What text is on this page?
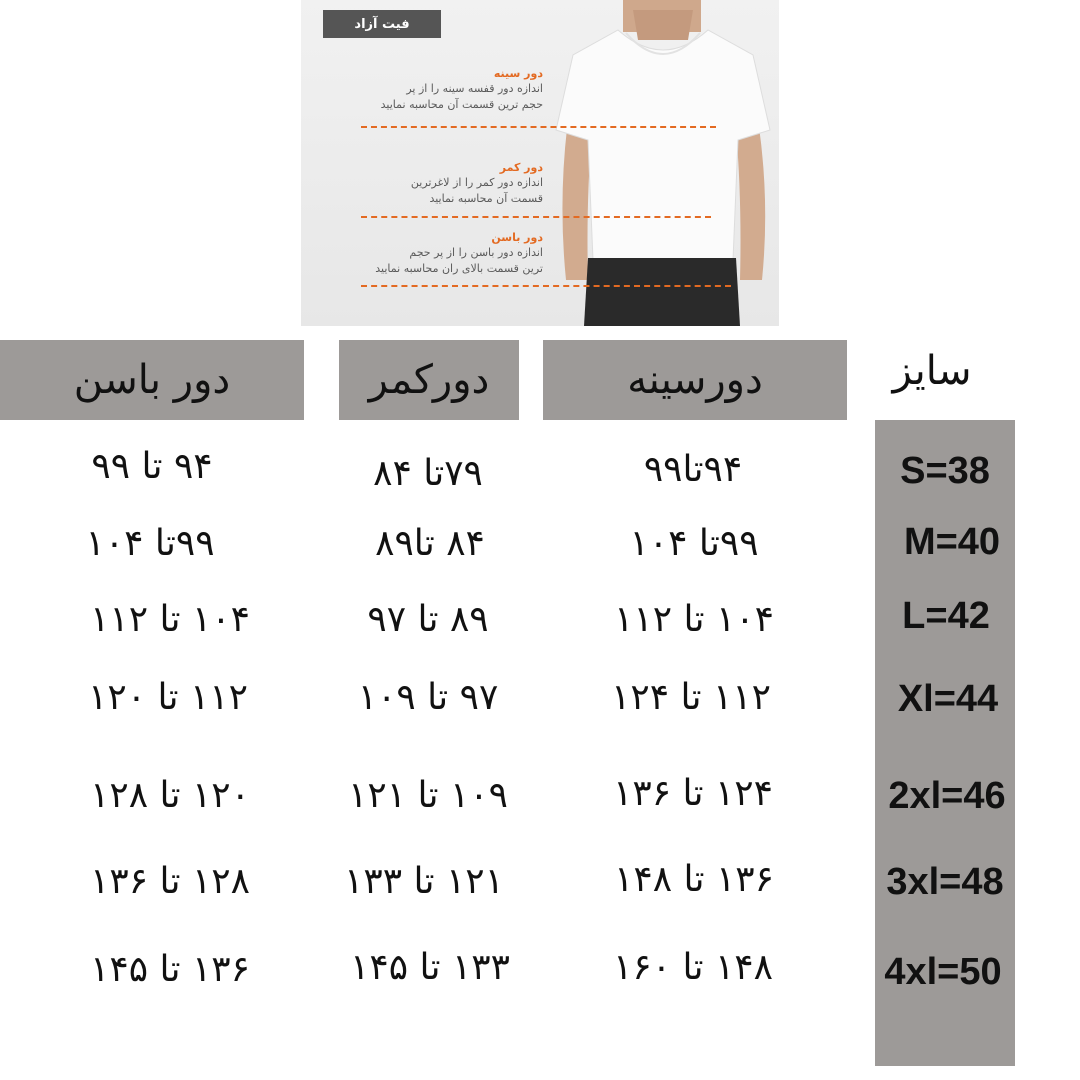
فیت آزاد
دور سینه
اندازه دور قفسه سینه را از پر
حجم ترین قسمت آن محاسبه نمایید
دور کمر
اندازه دور کمر را از لاغرترین
قسمت آن محاسبه نمایید
دور باسن
اندازه دور باسن را از پر حجم
ترین قسمت بالای ران محاسبه نمایید
دور باسن	دورکمر	دورسینه	سایز
۹۴ تا ۹۹	۷۹تا ۸۴	۹۴تا۹۹	S=38
۹۹تا ۱۰۴	۸۴ تا۸۹	۹۹تا ۱۰۴	M=40
۱۰۴ تا ۱۱۲	۸۹ تا ۹۷	۱۰۴ تا ۱۱۲	L=42
۱۱۲ تا ۱۲۰	۹۷ تا ۱۰۹	۱۱۲ تا ۱۲۴	Xl=44
۱۲۰ تا ۱۲۸	۱۰۹ تا ۱۲۱	۱۲۴ تا ۱۳۶	2xl=46
۱۲۸ تا ۱۳۶	۱۲۱ تا ۱۳۳	۱۳۶ تا ۱۴۸	3xl=48
۱۳۶ تا ۱۴۵	۱۳۳ تا ۱۴۵	۱۴۸ تا ۱۶۰	4xl=50
